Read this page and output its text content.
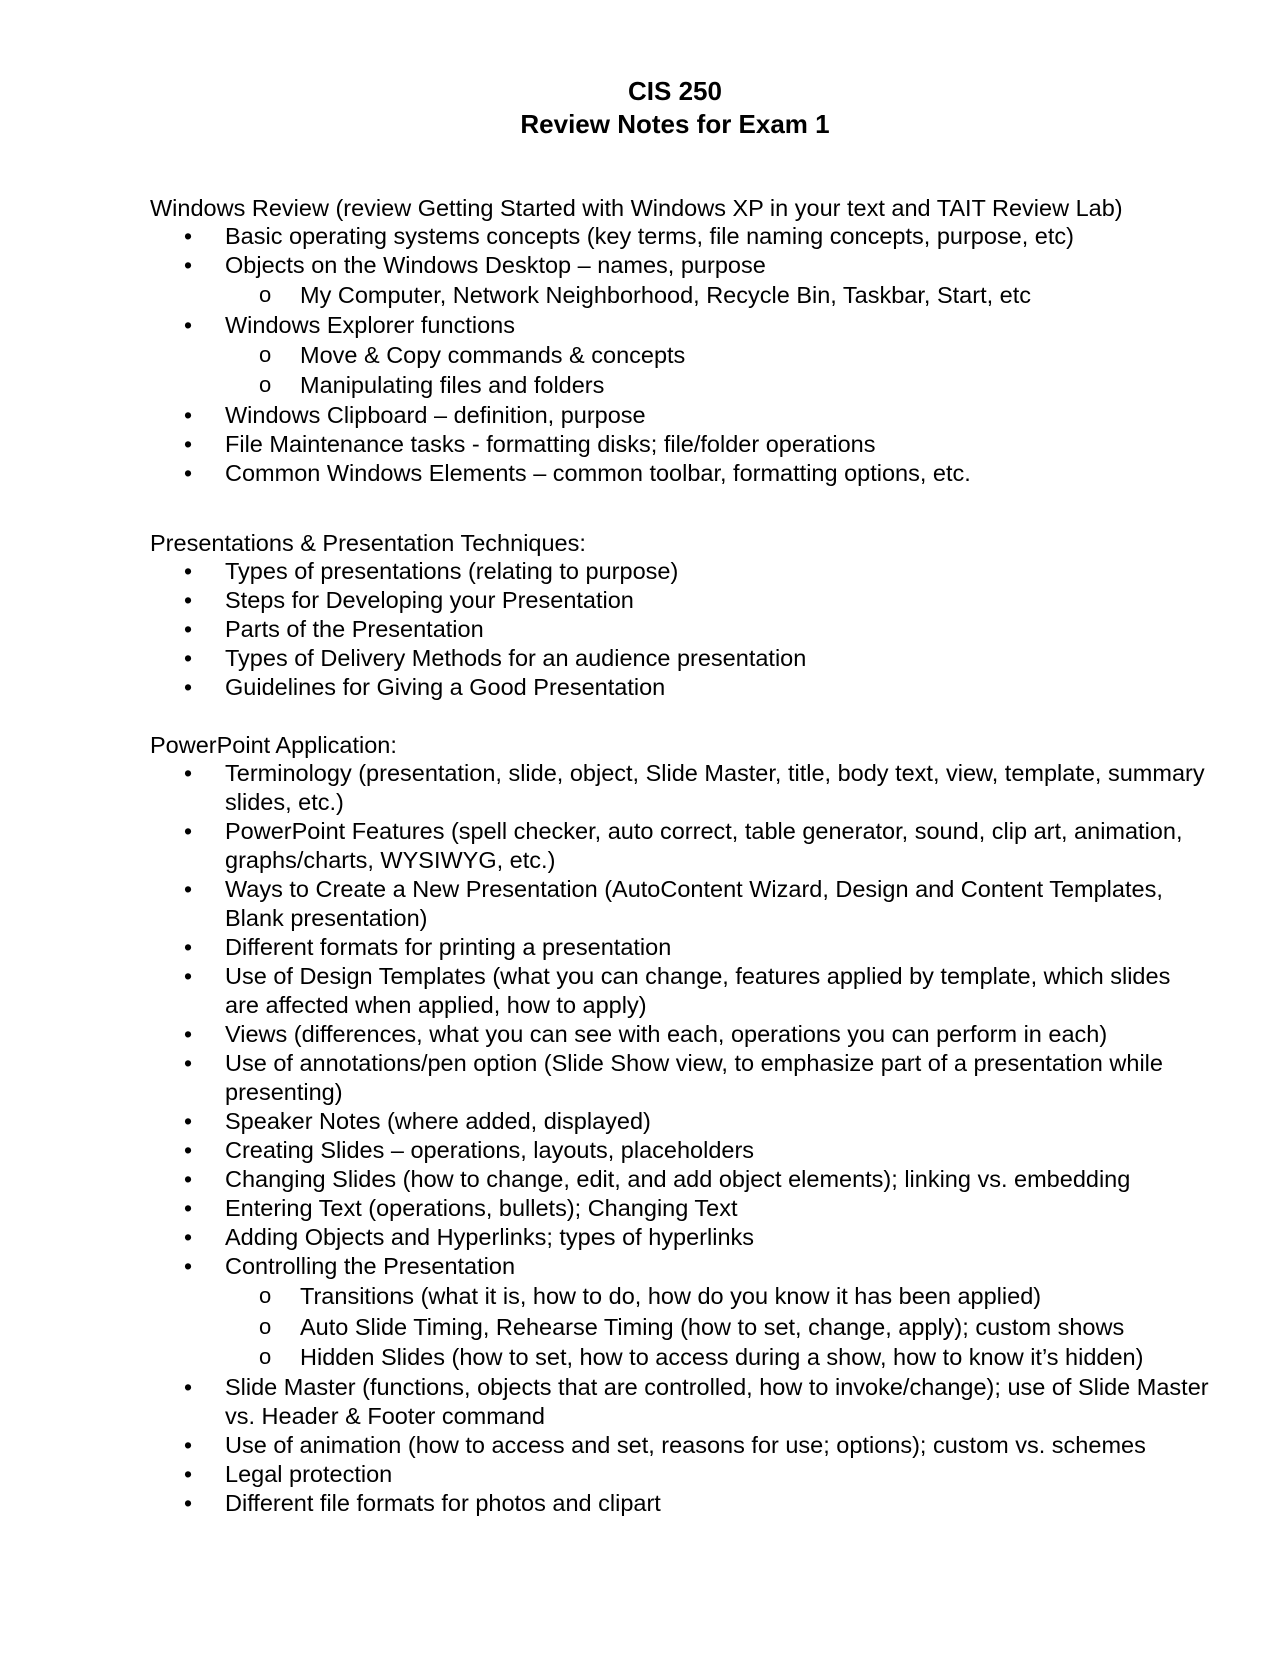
CIS 250
Review Notes for Exam 1
Windows Review (review Getting Started with Windows XP in your text and TAIT Review Lab)
• Basic operating systems concepts (key terms, file naming concepts, purpose, etc)
• Objects on the Windows Desktop – names, purpose
o My Computer, Network Neighborhood, Recycle Bin, Taskbar, Start, etc
• Windows Explorer functions
o Move & Copy commands & concepts
o Manipulating files and folders
• Windows Clipboard – definition, purpose
• File Maintenance tasks - formatting disks; file/folder operations
• Common Windows Elements – common toolbar, formatting options, etc.
Presentations & Presentation Techniques:
• Types of presentations (relating to purpose)
• Steps for Developing your Presentation
• Parts of the Presentation
• Types of Delivery Methods for an audience presentation
• Guidelines for Giving a Good Presentation
PowerPoint Application:
• Terminology (presentation, slide, object, Slide Master, title, body text, view, template, summary slides, etc.)
• PowerPoint Features (spell checker, auto correct, table generator, sound, clip art, animation, graphs/charts, WYSIWYG, etc.)
• Ways to Create a New Presentation (AutoContent Wizard, Design and Content Templates, Blank presentation)
• Different formats for printing a presentation
• Use of Design Templates (what you can change, features applied by template, which slides are affected when applied, how to apply)
• Views (differences, what you can see with each, operations you can perform in each)
• Use of annotations/pen option (Slide Show view, to emphasize part of a presentation while presenting)
• Speaker Notes (where added, displayed)
• Creating Slides – operations, layouts, placeholders
• Changing Slides (how to change, edit, and add object elements); linking vs. embedding
• Entering Text (operations, bullets); Changing Text
• Adding Objects and Hyperlinks; types of hyperlinks
• Controlling the Presentation
o Transitions (what it is, how to do, how do you know it has been applied)
o Auto Slide Timing, Rehearse Timing (how to set, change, apply); custom shows
o Hidden Slides (how to set, how to access during a show, how to know it’s hidden)
• Slide Master (functions, objects that are controlled, how to invoke/change); use of Slide Master vs. Header & Footer command
• Use of animation (how to access and set, reasons for use; options); custom vs. schemes
• Legal protection
• Different file formats for photos and clipart
